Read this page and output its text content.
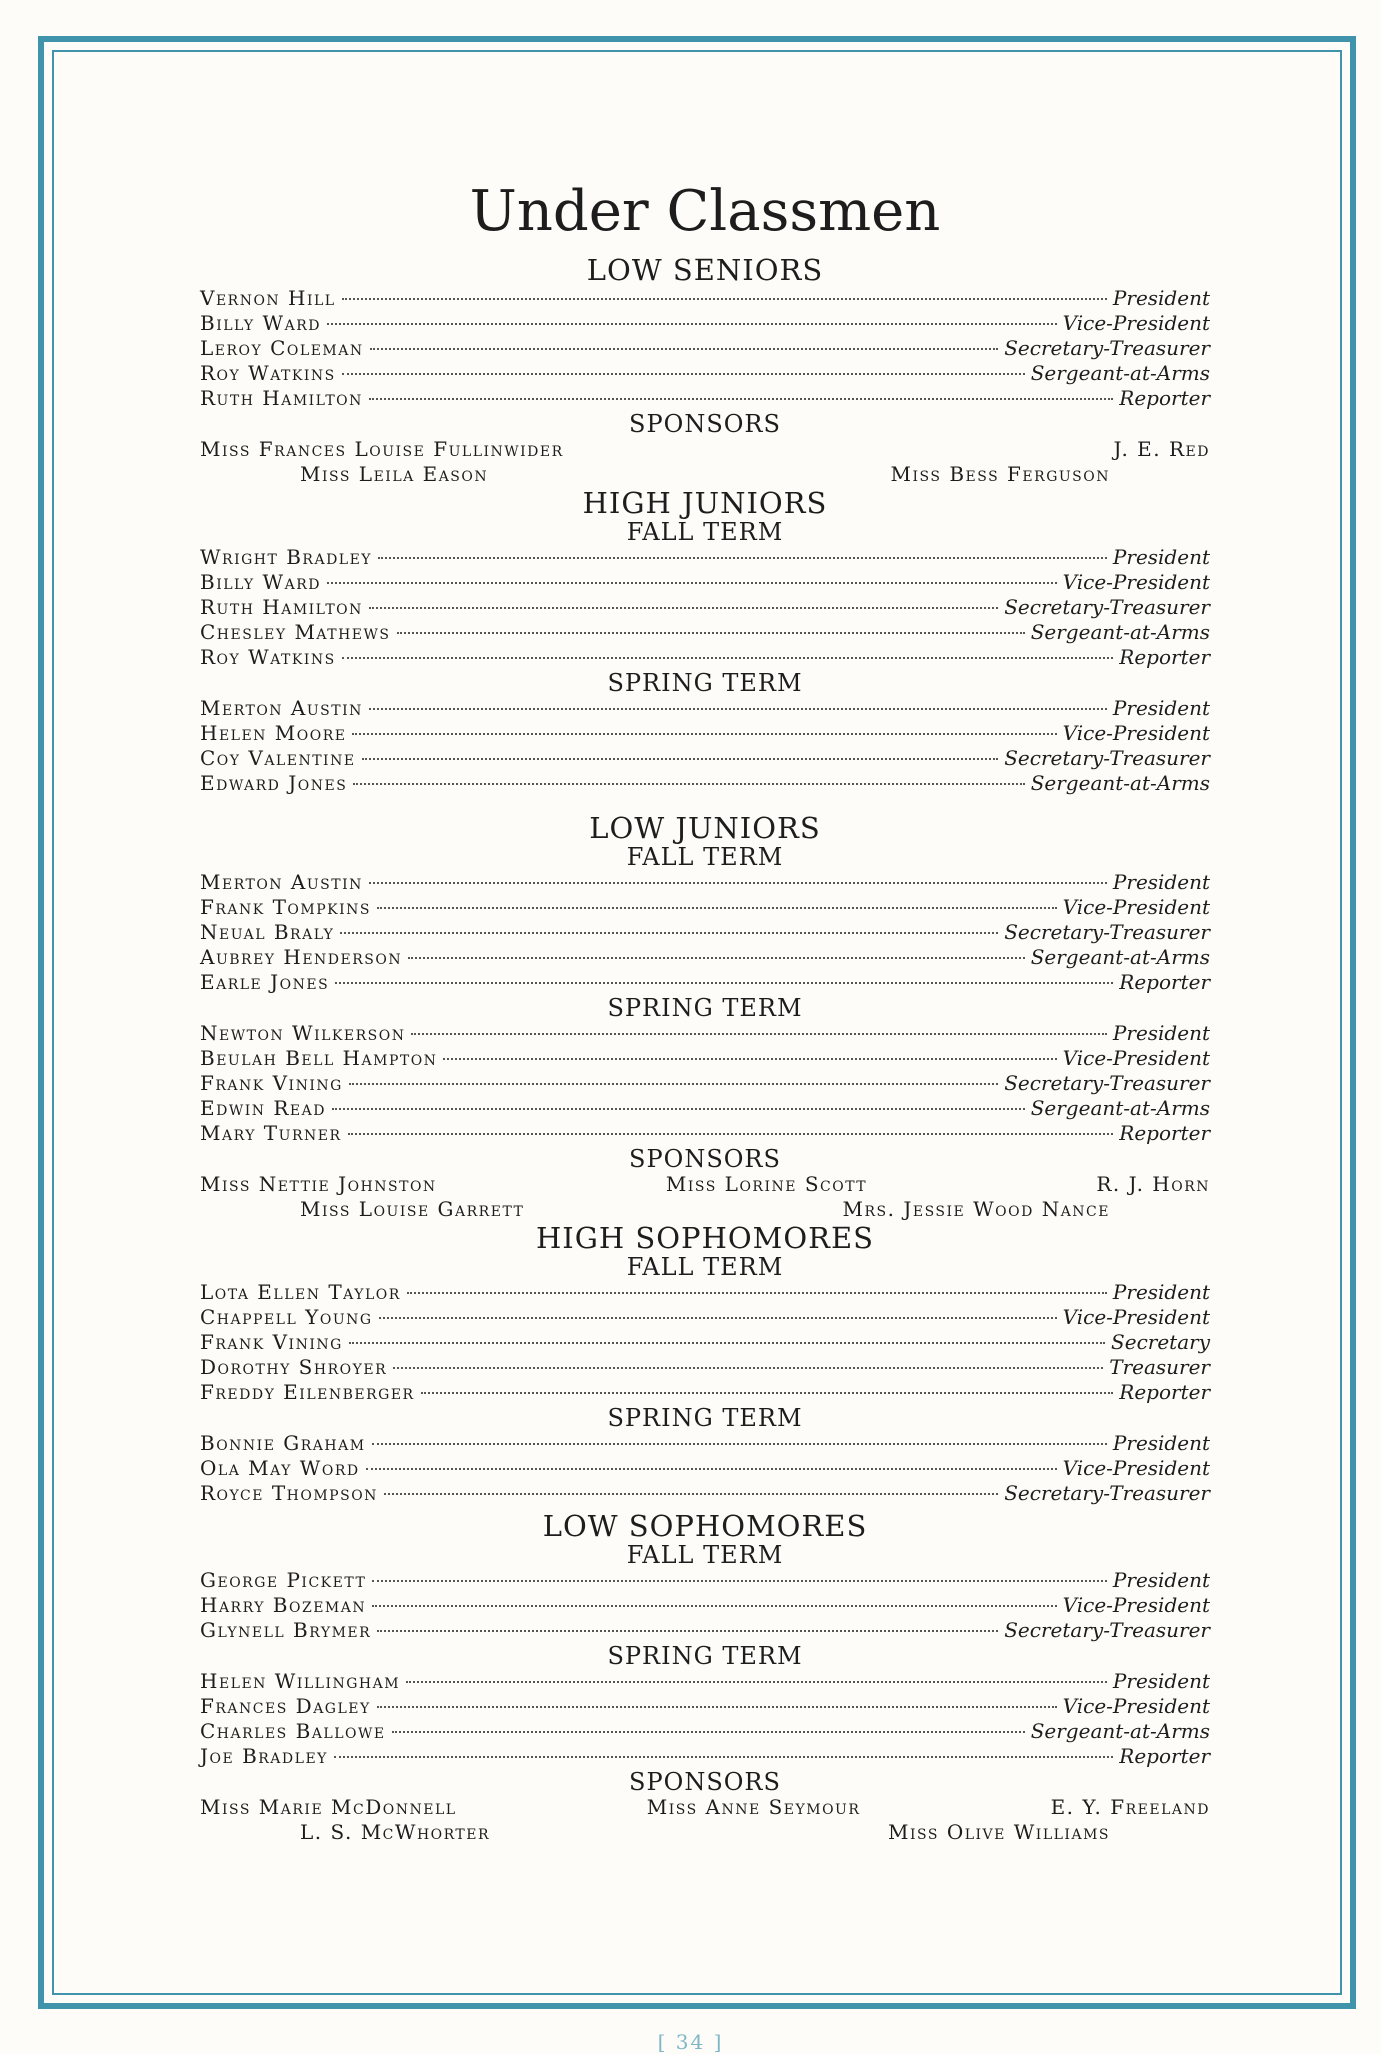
Under Classmen
LOW SENIORS
Vernon Hill	President
Billy Ward	Vice-President
Leroy Coleman	Secretary-Treasurer
Roy Watkins	Sergeant-at-Arms
Ruth Hamilton	Reporter
SPONSORS
Miss Frances Louise Fullinwider	J. E. Red
Miss Leila Eason	Miss Bess Ferguson
HIGH JUNIORS
FALL TERM
Wright Bradley	President
Billy Ward	Vice-President
Ruth Hamilton	Secretary-Treasurer
Chesley Mathews	Sergeant-at-Arms
Roy Watkins	Reporter
SPRING TERM
Merton Austin	President
Helen Moore	Vice-President
Coy Valentine	Secretary-Treasurer
Edward Jones	Sergeant-at-Arms
LOW JUNIORS
FALL TERM
Merton Austin	President
Frank Tompkins	Vice-President
Neual Braly	Secretary-Treasurer
Aubrey Henderson	Sergeant-at-Arms
Earle Jones	Reporter
SPRING TERM
Newton Wilkerson	President
Beulah Bell Hampton	Vice-President
Frank Vining	Secretary-Treasurer
Edwin Read	Sergeant-at-Arms
Mary Turner	Reporter
SPONSORS
Miss Nettie Johnston	Miss Lorine Scott	R. J. Horn
Miss Louise Garrett	Mrs. Jessie Wood Nance
HIGH SOPHOMORES
FALL TERM
Lota Ellen Taylor	President
Chappell Young	Vice-President
Frank Vining	Secretary
Dorothy Shroyer	Treasurer
Freddy Eilenberger	Reporter
SPRING TERM
Bonnie Graham	President
Ola May Word	Vice-President
Royce Thompson	Secretary-Treasurer
LOW SOPHOMORES
FALL TERM
George Pickett	President
Harry Bozeman	Vice-President
Glynell Brymer	Secretary-Treasurer
SPRING TERM
Helen Willingham	President
Frances Dagley	Vice-President
Charles Ballowe	Sergeant-at-Arms
Joe Bradley	Reporter
SPONSORS
Miss Marie McDonnell	Miss Anne Seymour	E. Y. Freeland
L. S. McWhorter	Miss Olive Williams
[ 34 ]
